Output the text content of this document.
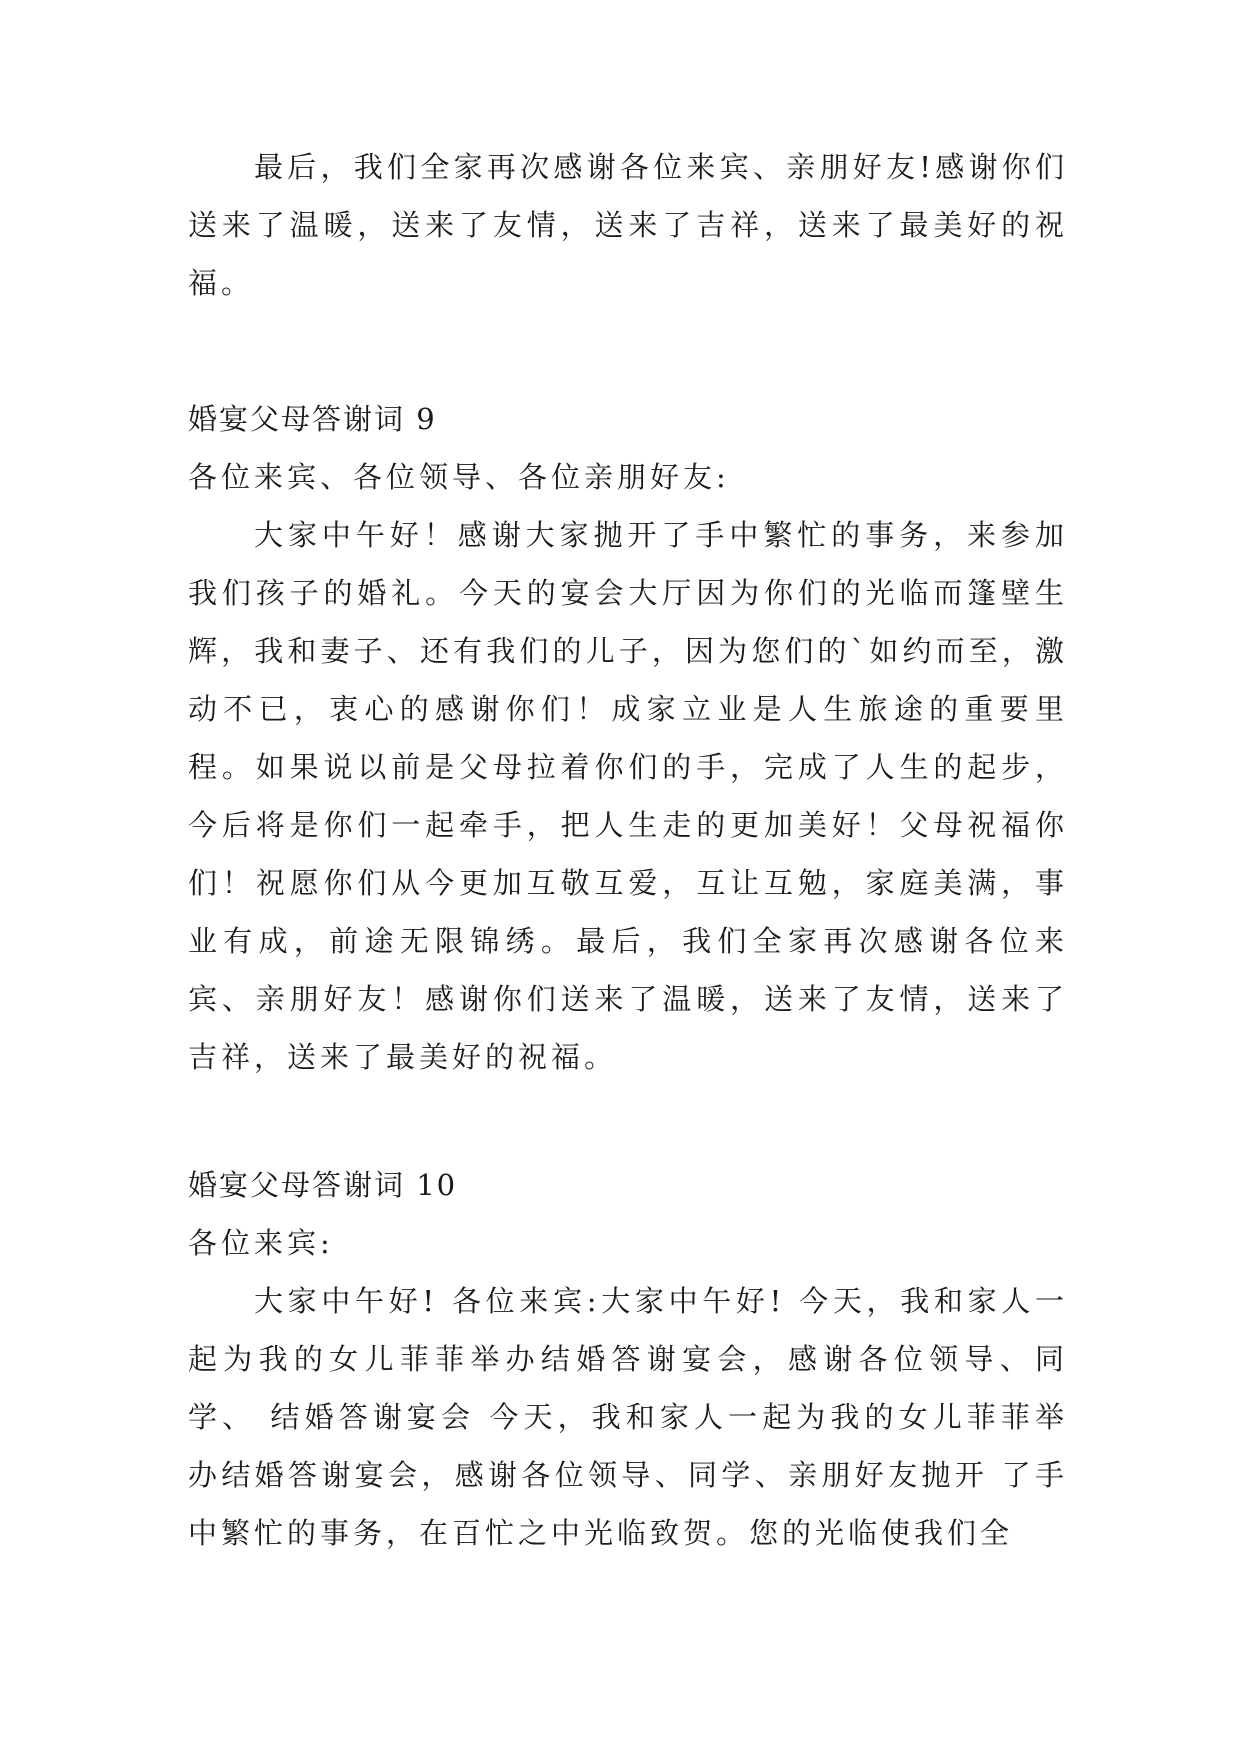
最后，我们全家再次感谢各位来宾、亲朋好友!感谢你们送来了温暖，送来了友情，送来了吉祥，送来了最美好的祝福。

婚宴父母答谢词 9

各位来宾、各位领导、各位亲朋好友:

大家中午好！感谢大家抛开了手中繁忙的事务，来参加我们孩子的婚礼。今天的宴会大厅因为你们的光临而篷壁生辉，我和妻子、还有我们的儿子，因为您们的`如约而至，激动不已，衷心的感谢你们！成家立业是人生旅途的重要里程。如果说以前是父母拉着你们的手，完成了人生的起步，今后将是你们一起牵手，把人生走的更加美好！父母祝福你们！祝愿你们从今更加互敬互爱，互让互勉，家庭美满，事业有成，前途无限锦绣。最后，我们全家再次感谢各位来宾、亲朋好友！感谢你们送来了温暖，送来了友情，送来了吉祥，送来了最美好的祝福。

婚宴父母答谢词 10

各位来宾:

大家中午好! 各位来宾:大家中午好! 今天，我和家人一起为我的女儿菲菲举办结婚答谢宴会，感谢各位领导、同学、 结婚答谢宴会 今天，我和家人一起为我的女儿菲菲举办结婚答谢宴会，感谢各位领导、同学、亲朋好友抛开 了手中繁忙的事务，在百忙之中光临致贺。您的光临使我们全
